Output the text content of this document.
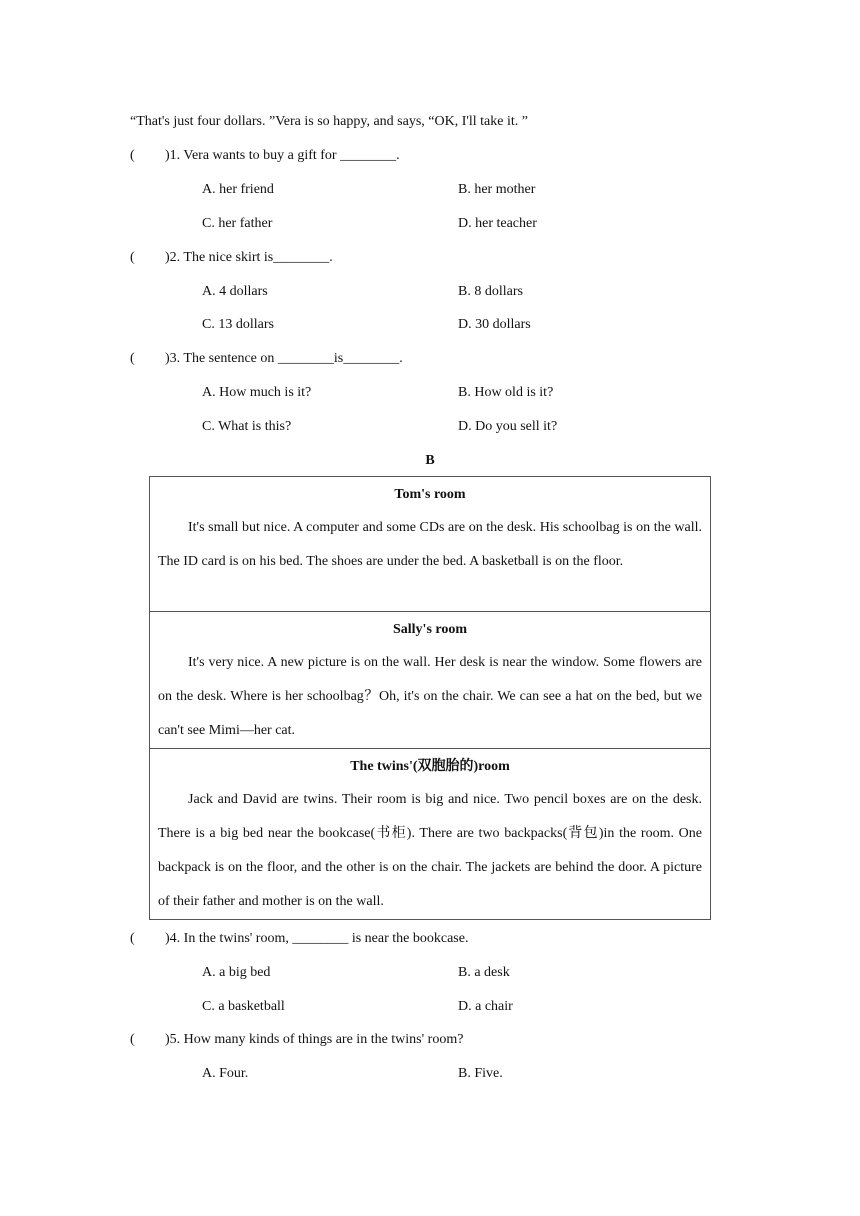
“That's just four dollars. ”Vera is so happy, and says, “OK, I'll take it. ”
( )1. Vera wants to buy a gift for ________.
A. her friend	B. her mother
C. her father	D. her teacher
( )2. The nice skirt is________.
A. 4 dollars	B. 8 dollars
C. 13 dollars	D. 30 dollars
( )3. The sentence on ________is________.
A. How much is it?	B. How old is it?
C. What is this?	D. Do you sell it?
B
Tom's room

It's small but nice. A computer and some CDs are on the desk. His schoolbag is on the wall. The ID card is on his bed. The shoes are under the bed. A basketball is on the floor.

Sally's room

It's very nice. A new picture is on the wall. Her desk is near the window. Some flowers are on the desk. Where is her schoolbag？Oh, it's on the chair. We can see a hat on the bed, but we can't see Mimi—her cat.

The twins'(双胞胎的)room

Jack and David are twins. Their room is big and nice. Two pencil boxes are on the desk. There is a big bed near the bookcase(书柜). There are two backpacks(背包)in the room. One backpack is on the floor, and the other is on the chair. The jackets are behind the door. A picture of their father and mother is on the wall.

( )4. In the twins' room, ________ is near the bookcase.
A. a big bed	B. a desk
C. a basketball	D. a chair
( )5. How many kinds of things are in the twins' room?
A. Four.	B. Five.
